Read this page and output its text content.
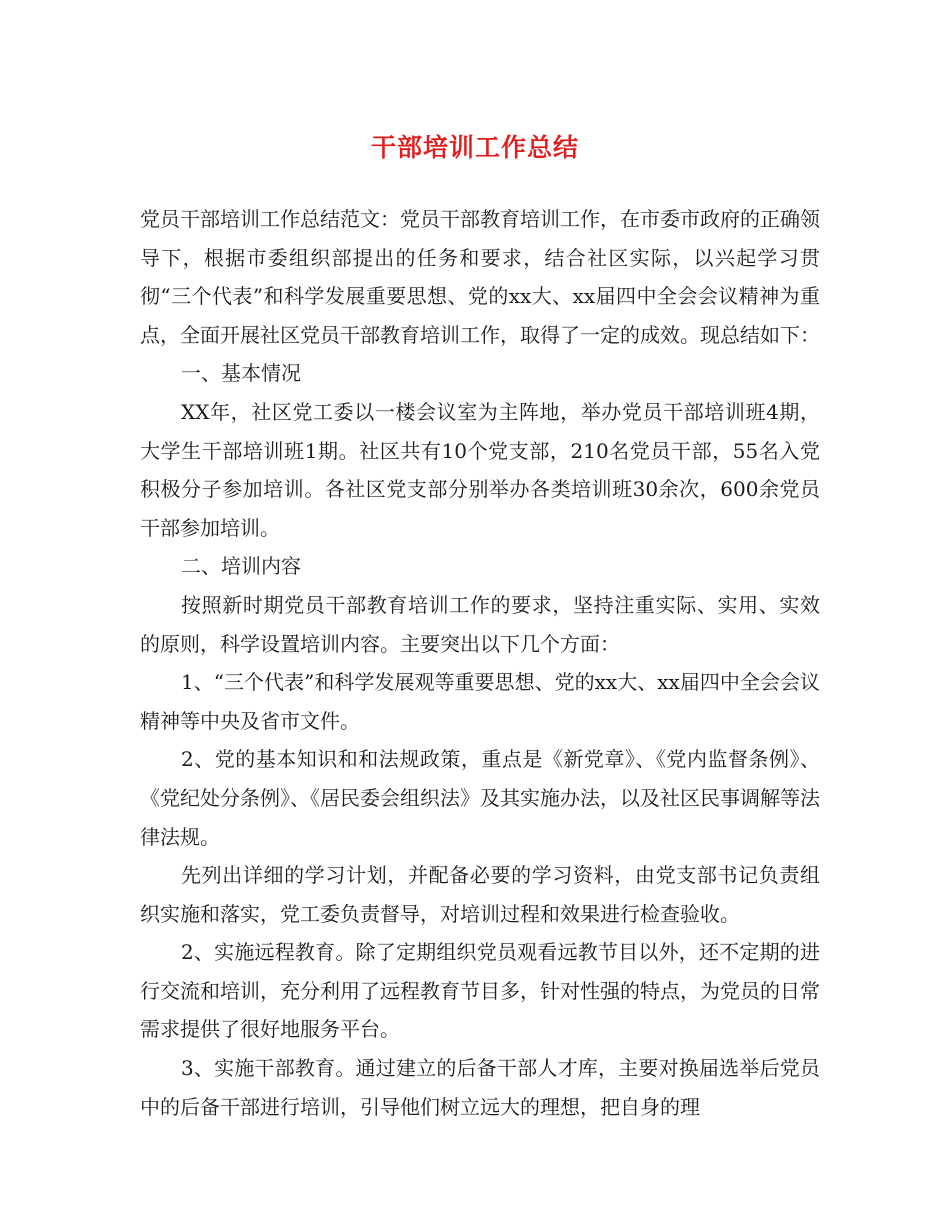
干部培训工作总结

党员干部培训工作总结范文：党员干部教育培训工作，在市委市政府的正确领导下，根据市委组织部提出的任务和要求，结合社区实际，以兴起学习贯彻“三个代表”和科学发展重要思想、党的xx大、xx届四中全会会议精神为重点，全面开展社区党员干部教育培训工作，取得了一定的成效。现总结如下：

一、基本情况

XX年，社区党工委以一楼会议室为主阵地，举办党员干部培训班4期，大学生干部培训班1期。社区共有10个党支部，210名党员干部，55名入党积极分子参加培训。各社区党支部分别举办各类培训班30余次，600余党员干部参加培训。

二、培训内容

按照新时期党员干部教育培训工作的要求，坚持注重实际、实用、实效的原则，科学设置培训内容。主要突出以下几个方面：

1、“三个代表”和科学发展观等重要思想、党的xx大、xx届四中全会会议精神等中央及省市文件。

2、党的基本知识和和法规政策，重点是《新党章》、《党内监督条例》、《党纪处分条例》、《居民委会组织法》及其实施办法，以及社区民事调解等法律法规。

先列出详细的学习计划，并配备必要的学习资料，由党支部书记负责组织实施和落实，党工委负责督导，对培训过程和效果进行检查验收。

2、实施远程教育。除了定期组织党员观看远教节目以外，还不定期的进行交流和培训，充分利用了远程教育节目多，针对性强的特点，为党员的日常需求提供了很好地服务平台。

3、实施干部教育。通过建立的后备干部人才库，主要对换届选举后党员中的后备干部进行培训，引导他们树立远大的理想，把自身的理
